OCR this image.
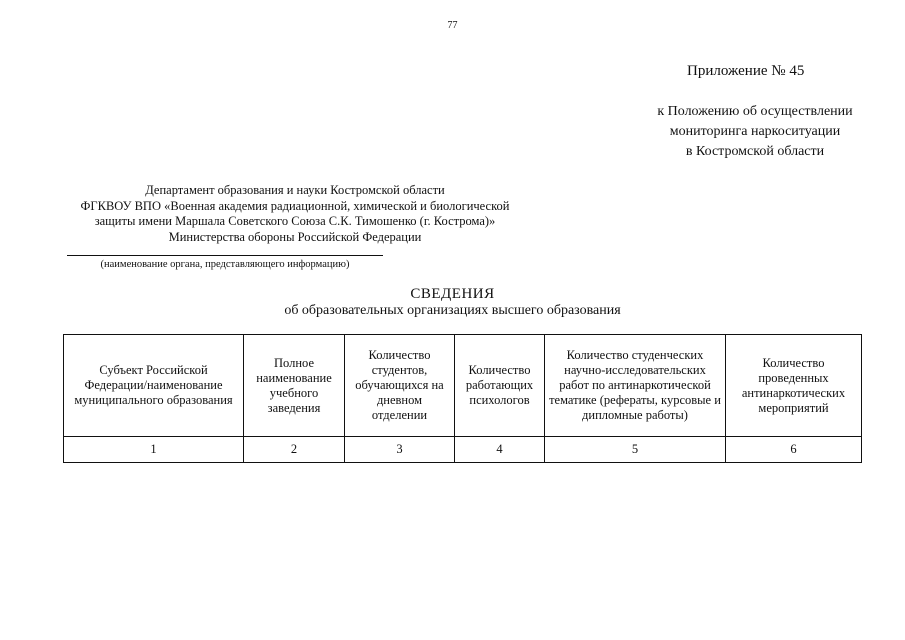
77
Приложение № 45
к Положению об осуществлении
мониторинга наркоситуации
в Костромской области
Департамент образования и науки Костромской области
ФГКВОУ ВПО «Военная академия радиационной, химической и биологической
защиты имени Маршала Советского Союза С.К. Тимошенко (г. Кострома)»
Министерства обороны Российской Федерации
(наименование органа, представляющего информацию)
СВЕДЕНИЯ
об образовательных организациях высшего образования
Субъект Российской Федерации/наименование муниципального образования	Полное наименование учебного заведения	Количество студентов, обучающихся на дневном отделении	Количество работающих психологов	Количество студенческих научно-исследовательских работ по антинаркотической тематике (рефераты, курсовые и дипломные работы)	Количество проведенных антинаркотических мероприятий
1	2	3	4	5	6
